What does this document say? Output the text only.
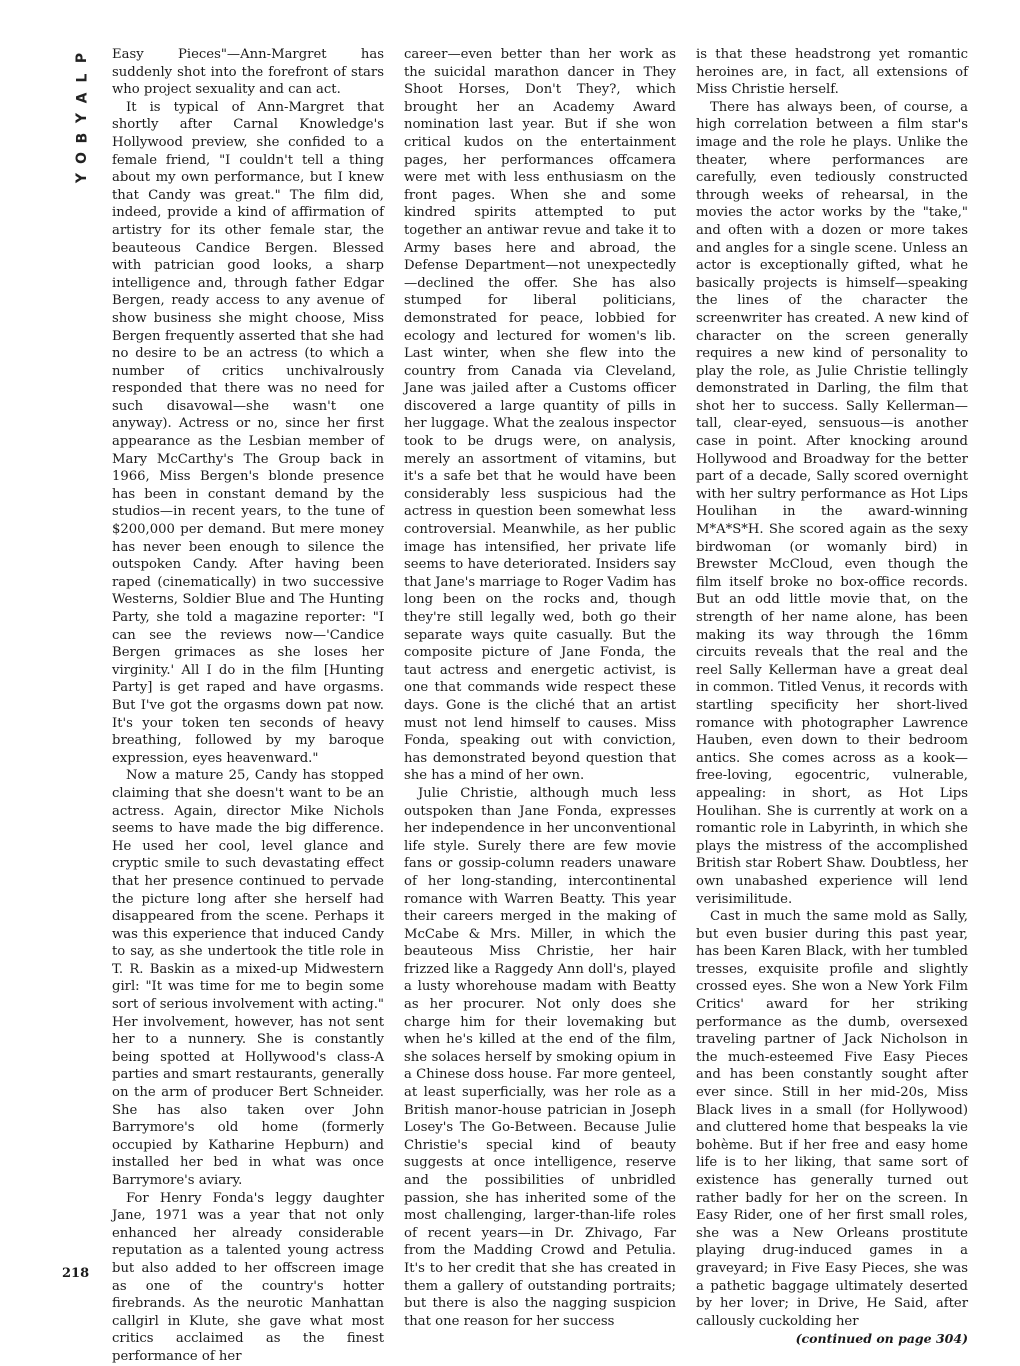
P
L
A
Y
B
O
Y

Easy Pieces"—Ann-Margret has suddenly shot into the forefront of stars who project sexuality and can act.

It is typical of Ann-Margret that shortly after Carnal Knowledge's Hollywood preview, she confided to a female friend, "I couldn't tell a thing about my own performance, but I knew that Candy was great." The film did, indeed, provide a kind of affirmation of artistry for its other female star, the beauteous Candice Bergen. Blessed with patrician good looks, a sharp intelligence and, through father Edgar Bergen, ready access to any avenue of show business she might choose, Miss Bergen frequently asserted that she had no desire to be an actress (to which a number of critics unchivalrously responded that there was no need for such disavowal—she wasn't one anyway). Actress or no, since her first appearance as the Lesbian member of Mary McCarthy's The Group back in 1966, Miss Bergen's blonde presence has been in constant demand by the studios—in recent years, to the tune of $200,000 per demand. But mere money has never been enough to silence the outspoken Candy. After having been raped (cinematically) in two successive Westerns, Soldier Blue and The Hunting Party, she told a magazine reporter: "I can see the reviews now—'Candice Bergen grimaces as she loses her virginity.' All I do in the film [Hunting Party] is get raped and have orgasms. But I've got the orgasms down pat now. It's your token ten seconds of heavy breathing, followed by my baroque expression, eyes heavenward."

Now a mature 25, Candy has stopped claiming that she doesn't want to be an actress. Again, director Mike Nichols seems to have made the big difference. He used her cool, level glance and cryptic smile to such devastating effect that her presence continued to pervade the picture long after she herself had disappeared from the scene. Perhaps it was this experience that induced Candy to say, as she undertook the title role in T. R. Baskin as a mixed-up Midwestern girl: "It was time for me to begin some sort of serious involvement with acting." Her involvement, however, has not sent her to a nunnery. She is constantly being spotted at Hollywood's class-A parties and smart restaurants, generally on the arm of producer Bert Schneider. She has also taken over John Barrymore's old home (formerly occupied by Katharine Hepburn) and installed her bed in what was once Barrymore's aviary.

For Henry Fonda's leggy daughter Jane, 1971 was a year that not only enhanced her already considerable reputation as a talented young actress but also added to her offscreen image as one of the country's hotter firebrands. As the neurotic Manhattan callgirl in Klute, she gave what most critics acclaimed as the finest performance of her

career—even better than her work as the suicidal marathon dancer in They Shoot Horses, Don't They?, which brought her an Academy Award nomination last year. But if she won critical kudos on the entertainment pages, her performances offcamera were met with less enthusiasm on the front pages. When she and some kindred spirits attempted to put together an antiwar revue and take it to Army bases here and abroad, the Defense Department—not unexpectedly—declined the offer. She has also stumped for liberal politicians, demonstrated for peace, lobbied for ecology and lectured for women's lib. Last winter, when she flew into the country from Canada via Cleveland, Jane was jailed after a Customs officer discovered a large quantity of pills in her luggage. What the zealous inspector took to be drugs were, on analysis, merely an assortment of vitamins, but it's a safe bet that he would have been considerably less suspicious had the actress in question been somewhat less controversial. Meanwhile, as her public image has intensified, her private life seems to have deteriorated. Insiders say that Jane's marriage to Roger Vadim has long been on the rocks and, though they're still legally wed, both go their separate ways quite casually. But the composite picture of Jane Fonda, the taut actress and energetic activist, is one that commands wide respect these days. Gone is the cliché that an artist must not lend himself to causes. Miss Fonda, speaking out with conviction, has demonstrated beyond question that she has a mind of her own.

Julie Christie, although much less outspoken than Jane Fonda, expresses her independence in her unconventional life style. Surely there are few movie fans or gossip-column readers unaware of her long-standing, intercontinental romance with Warren Beatty. This year their careers merged in the making of McCabe & Mrs. Miller, in which the beauteous Miss Christie, her hair frizzed like a Raggedy Ann doll's, played a lusty whorehouse madam with Beatty as her procurer. Not only does she charge him for their lovemaking but when he's killed at the end of the film, she solaces herself by smoking opium in a Chinese doss house. Far more genteel, at least superficially, was her role as a British manor-house patrician in Joseph Losey's The Go-Between. Because Julie Christie's special kind of beauty suggests at once intelligence, reserve and the possibilities of unbridled passion, she has inherited some of the most challenging, larger-than-life roles of recent years—in Dr. Zhivago, Far from the Madding Crowd and Petulia. It's to her credit that she has created in them a gallery of outstanding portraits; but there is also the nagging suspicion that one reason for her success

is that these headstrong yet romantic heroines are, in fact, all extensions of Miss Christie herself.

There has always been, of course, a high correlation between a film star's image and the role he plays. Unlike the theater, where performances are carefully, even tediously constructed through weeks of rehearsal, in the movies the actor works by the "take," and often with a dozen or more takes and angles for a single scene. Unless an actor is exceptionally gifted, what he basically projects is himself—speaking the lines of the character the screenwriter has created. A new kind of character on the screen generally requires a new kind of personality to play the role, as Julie Christie tellingly demonstrated in Darling, the film that shot her to success. Sally Kellerman—tall, clear-eyed, sensuous—is another case in point. After knocking around Hollywood and Broadway for the better part of a decade, Sally scored overnight with her sultry performance as Hot Lips Houlihan in the award-winning M*A*S*H. She scored again as the sexy birdwoman (or womanly bird) in Brewster McCloud, even though the film itself broke no box-office records. But an odd little movie that, on the strength of her name alone, has been making its way through the 16mm circuits reveals that the real and the reel Sally Kellerman have a great deal in common. Titled Venus, it records with startling specificity her short-lived romance with photographer Lawrence Hauben, even down to their bedroom antics. She comes across as a kook—free-loving, egocentric, vulnerable, appealing: in short, as Hot Lips Houlihan. She is currently at work on a romantic role in Labyrinth, in which she plays the mistress of the accomplished British star Robert Shaw. Doubtless, her own unabashed experience will lend verisimilitude.

Cast in much the same mold as Sally, but even busier during this past year, has been Karen Black, with her tumbled tresses, exquisite profile and slightly crossed eyes. She won a New York Film Critics' award for her striking performance as the dumb, oversexed traveling partner of Jack Nicholson in the much-esteemed Five Easy Pieces and has been constantly sought after ever since. Still in her mid-20s, Miss Black lives in a small (for Hollywood) and cluttered home that bespeaks la vie bohème. But if her free and easy home life is to her liking, that same sort of existence has generally turned out rather badly for her on the screen. In Easy Rider, one of her first small roles, she was a New Orleans prostitute playing drug-induced games in a graveyard; in Five Easy Pieces, she was a pathetic baggage ultimately deserted by her lover; in Drive, He Said, after callously cuckolding her

(continued on page 304)
218
